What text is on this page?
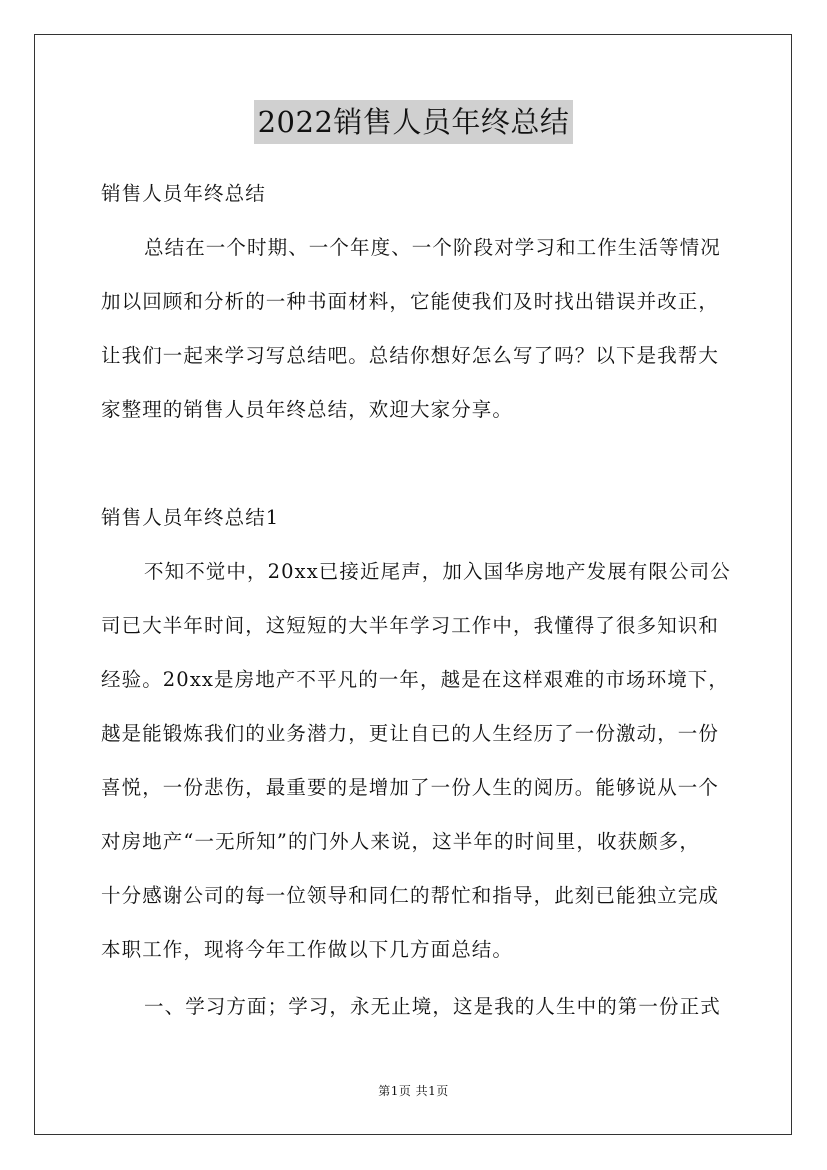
2022销售人员年终总结
销售人员年终总结
总结在一个时期、一个年度、一个阶段对学习和工作生活等情况
加以回顾和分析的一种书面材料，它能使我们及时找出错误并改正，
让我们一起来学习写总结吧。总结你想好怎么写了吗？以下是我帮大
家整理的销售人员年终总结，欢迎大家分享。
销售人员年终总结1
不知不觉中，20xx已接近尾声，加入国华房地产发展有限公司公
司已大半年时间，这短短的大半年学习工作中，我懂得了很多知识和
经验。20xx是房地产不平凡的一年，越是在这样艰难的市场环境下，
越是能锻炼我们的业务潜力，更让自已的人生经历了一份激动，一份
喜悦，一份悲伤，最重要的是增加了一份人生的阅历。能够说从一个
对房地产“一无所知”的门外人来说，这半年的时间里，收获颇多，
十分感谢公司的每一位领导和同仁的帮忙和指导，此刻已能独立完成
本职工作，现将今年工作做以下几方面总结。
一、学习方面；学习，永无止境，这是我的人生中的第一份正式
第1页 共1页
